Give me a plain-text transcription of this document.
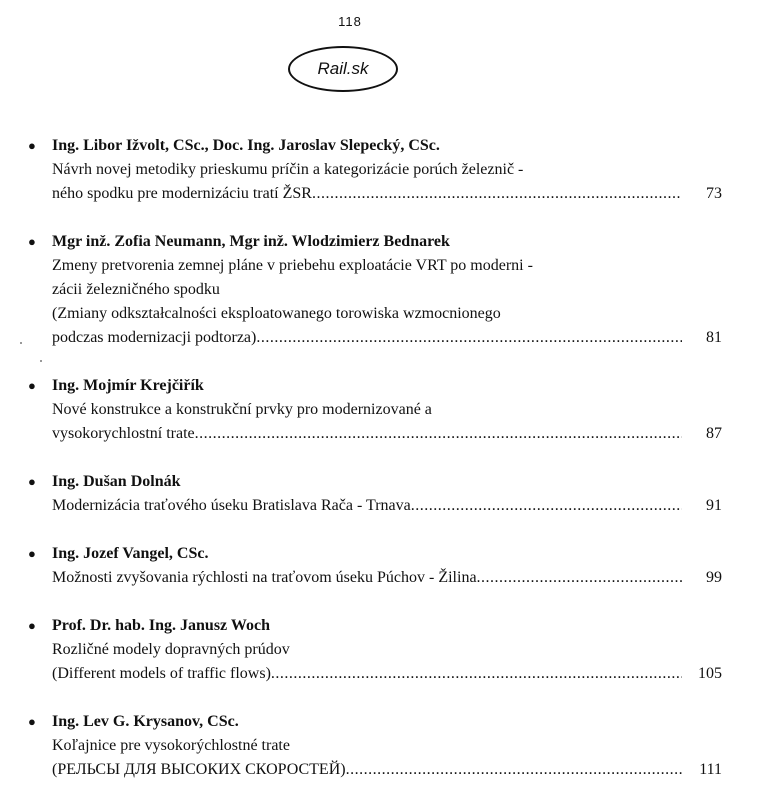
118
Rail.sk
● Ing. Libor Ižvolt, CSc., Doc. Ing. Jaroslav Slepecký, CSc.
Návrh novej metodiky prieskumu príčin a kategorizácie porúch železnič -
ného spodku pre modernizáciu tratí ŽSR .....	73
● Mgr inž. Zofia Neumann, Mgr inž. Wlodzimierz Bednarek
Zmeny pretvorenia zemnej pláne v priebehu exploatácie VRT po moderni -
zácii železničného spodku
(Zmiany odkształcalności eksploatowanego torowiska wzmocnionego
podczas modernizacji podtorza) .....	81
● Ing. Mojmír Krejčiřík
Nové konstrukce a konstrukční prvky pro modernizované a
vysokorychlostní trate .....	87
● Ing. Dušan Dolnák
Modernizácia traťového úseku Bratislava Rača - Trnava .....	91
● Ing. Jozef Vangel, CSc.
Možnosti zvyšovania rýchlosti na traťovom úseku Púchov - Žilina .....	99
● Prof. Dr. hab. Ing. Janusz Woch
Rozličné modely dopravných prúdov
(Different models of traffic flows) .....	105
● Ing. Lev G. Krysanov, CSc.
Koľajnice pre vysokorýchlostné trate
(РЕЛЬСЫ ДЛЯ ВЫСОКИХ СКОРОСТЕЙ) .....	111
